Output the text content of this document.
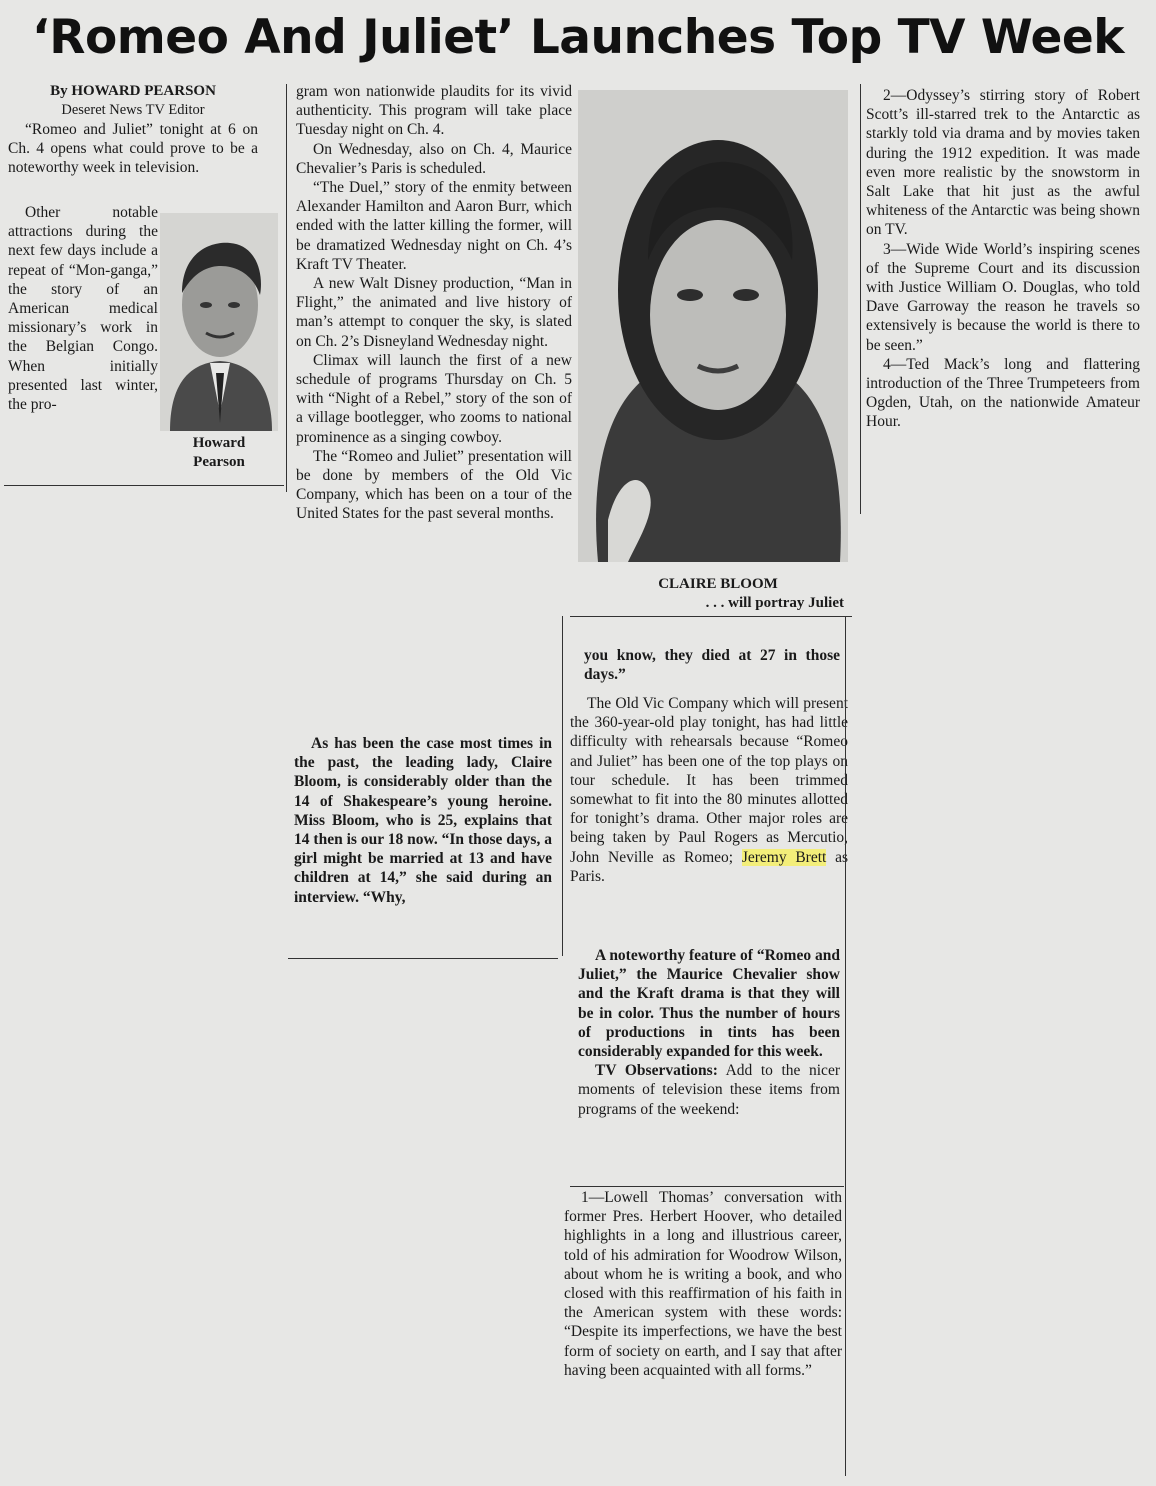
‘Romeo And Juliet’ Launches Top TV Week
By HOWARD PEARSON
Deseret News TV Editor

“Romeo and Juliet” tonight at 6 on Ch. 4 opens what could prove to be a noteworthy week in television.

Other notable attractions during the next few days include a repeat of “Mon-ganga,” the story of an American medical missionary’s work in the Belgian Congo. When initially presented last winter, the pro-

Howard
Pearson

gram won nationwide plaudits for its vivid authenticity. This program will take place Tuesday night on Ch. 4.

On Wednesday, also on Ch. 4, Maurice Chevalier’s Paris is scheduled.

“The Duel,” story of the enmity between Alexander Hamilton and Aaron Burr, which ended with the latter killing the former, will be dramatized Wednesday night on Ch. 4’s Kraft TV Theater.

A new Walt Disney production, “Man in Flight,” the animated and live history of man’s attempt to conquer the sky, is slated on Ch. 2’s Disneyland Wednesday night.

Climax will launch the first of a new schedule of programs Thursday on Ch. 5 with “Night of a Rebel,” story of the son of a village bootlegger, who zooms to national prominence as a singing cowboy.

The “Romeo and Juliet” presentation will be done by members of the Old Vic Company, which has been on a tour of the United States for the past several months.

As has been the case most times in the past, the leading lady, Claire Bloom, is considerably older than the 14 of Shakespeare’s young heroine. Miss Bloom, who is 25, explains that 14 then is our 18 now. “In those days, a girl might be married at 13 and have children at 14,” she said during an interview. “Why,

CLAIRE BLOOM
. . . will portray Juliet

you know, they died at 27 in those days.”

The Old Vic Company which will present the 360-year-old play tonight, has had little difficulty with rehearsals because “Romeo and Juliet” has been one of the top plays on tour schedule. It has been trimmed somewhat to fit into the 80 minutes allotted for tonight’s drama. Other major roles are being taken by Paul Rogers as Mercutio, John Neville as Romeo; Jeremy Brett as Paris.

A noteworthy feature of “Romeo and Juliet,” the Maurice Chevalier show and the Kraft drama is that they will be in color. Thus the number of hours of productions in tints has been considerably expanded for this week.

TV Observations: Add to the nicer moments of television these items from programs of the weekend:

1—Lowell Thomas’ conversation with former Pres. Herbert Hoover, who detailed highlights in a long and illustrious career, told of his admiration for Woodrow Wilson, about whom he is writing a book, and who closed with this reaffirmation of his faith in the American system with these words: “Despite its imperfections, we have the best form of society on earth, and I say that after having been acquainted with all forms.”

2—Odyssey’s stirring story of Robert Scott’s ill-starred trek to the Antarctic as starkly told via drama and by movies taken during the 1912 expedition. It was made even more realistic by the snowstorm in Salt Lake that hit just as the awful whiteness of the Antarctic was being shown on TV.

3—Wide Wide World’s inspiring scenes of the Supreme Court and its discussion with Justice William O. Douglas, who told Dave Garroway the reason he travels so extensively is because the world is there to be seen.”

4—Ted Mack’s long and flattering introduction of the Three Trumpeteers from Ogden, Utah, on the nationwide Amateur Hour.
